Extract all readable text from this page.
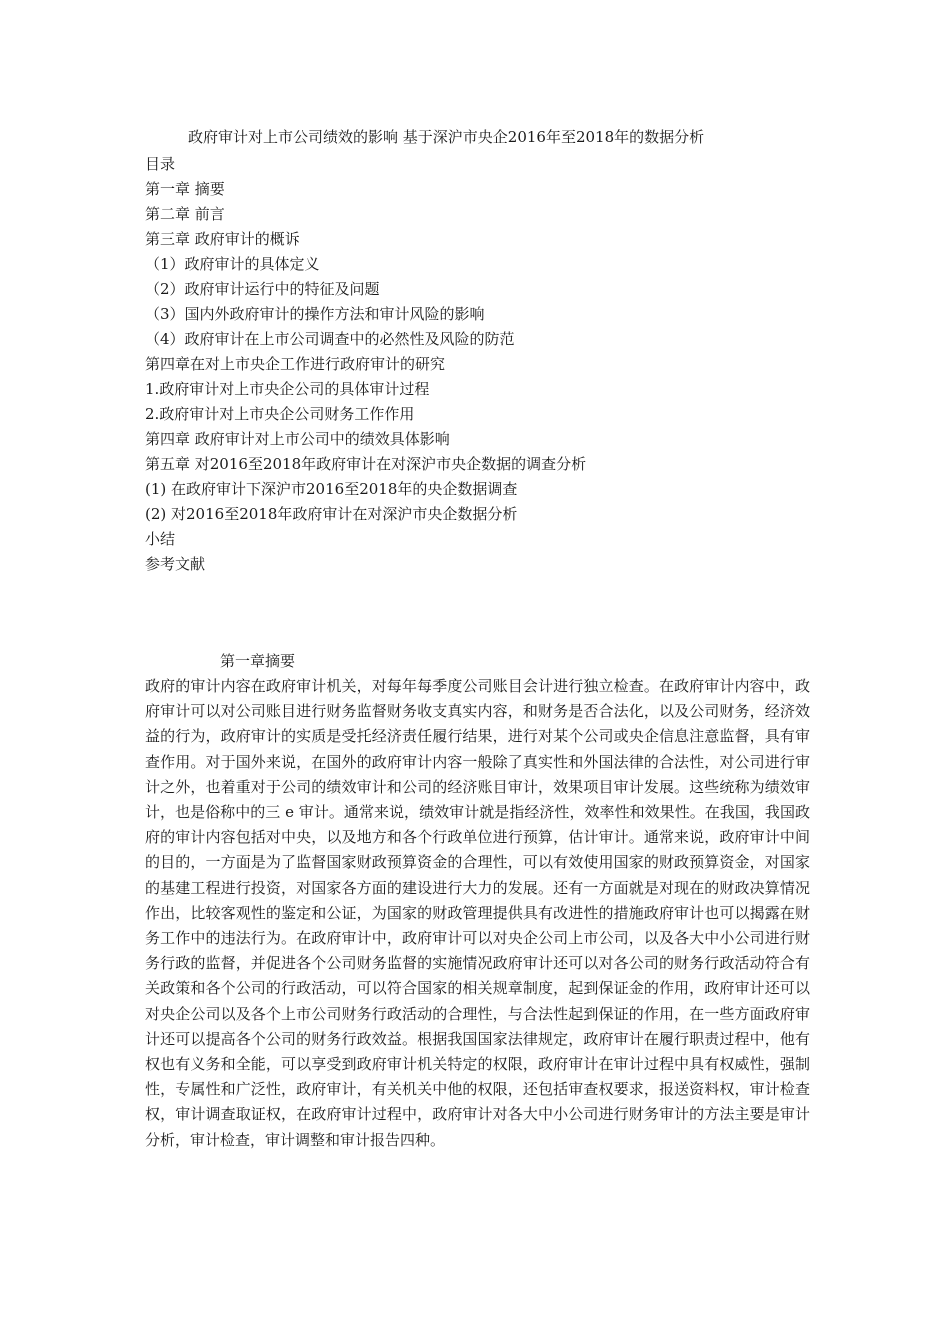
政府审计对上市公司绩效的影响 基于深沪市央企2016年至2018年的数据分析
目录
第一章 摘要
第二章 前言
第三章 政府审计的概诉
（1）政府审计的具体定义
（2）政府审计运行中的特征及问题
（3）国内外政府审计的操作方法和审计风险的影响
（4）政府审计在上市公司调查中的必然性及风险的防范
第四章在对上市央企工作进行政府审计的研究
1.政府审计对上市央企公司的具体审计过程
2.政府审计对上市央企公司财务工作作用
第四章 政府审计对上市公司中的绩效具体影响
第五章 对2016至2018年政府审计在对深沪市央企数据的调查分析
(1) 在政府审计下深沪市2016至2018年的央企数据调查
(2) 对2016至2018年政府审计在对深沪市央企数据分析
小结
参考文献
第一章摘要

政府的审计内容在政府审计机关，对每年每季度公司账目会计进行独立检查。在政府审计内容中，政府审计可以对公司账目进行财务监督财务收支真实内容，和财务是否合法化，以及公司财务，经济效益的行为，政府审计的实质是受托经济责任履行结果，进行对某个公司或央企信息注意监督，具有审查作用。对于国外来说，在国外的政府审计内容一般除了真实性和外国法律的合法性，对公司进行审计之外，也着重对于公司的绩效审计和公司的经济账目审计，效果项目审计发展。这些统称为绩效审计，也是俗称中的三 e 审计。通常来说，绩效审计就是指经济性，效率性和效果性。在我国，我国政府的审计内容包括对中央，以及地方和各个行政单位进行预算，估计审计。通常来说，政府审计中间的目的，一方面是为了监督国家财政预算资金的合理性，可以有效使用国家的财政预算资金，对国家的基建工程进行投资，对国家各方面的建设进行大力的发展。还有一方面就是对现在的财政决算情况作出，比较客观性的鉴定和公证，为国家的财政管理提供具有改进性的措施政府审计也可以揭露在财务工作中的违法行为。在政府审计中，政府审计可以对央企公司上市公司，以及各大中小公司进行财务行政的监督，并促进各个公司财务监督的实施情况政府审计还可以对各公司的财务行政活动符合有关政策和各个公司的行政活动，可以符合国家的相关规章制度，起到保证金的作用，政府审计还可以对央企公司以及各个上市公司财务行政活动的合理性，与合法性起到保证的作用，在一些方面政府审计还可以提高各个公司的财务行政效益。根据我国国家法律规定，政府审计在履行职责过程中，他有权也有义务和全能，可以享受到政府审计机关特定的权限，政府审计在审计过程中具有权威性，强制性，专属性和广泛性，政府审计，有关机关中他的权限，还包括审查权要求，报送资料权，审计检查权，审计调查取证权，在政府审计过程中，政府审计对各大中小公司进行财务审计的方法主要是审计分析，审计检查，审计调整和审计报告四种。
